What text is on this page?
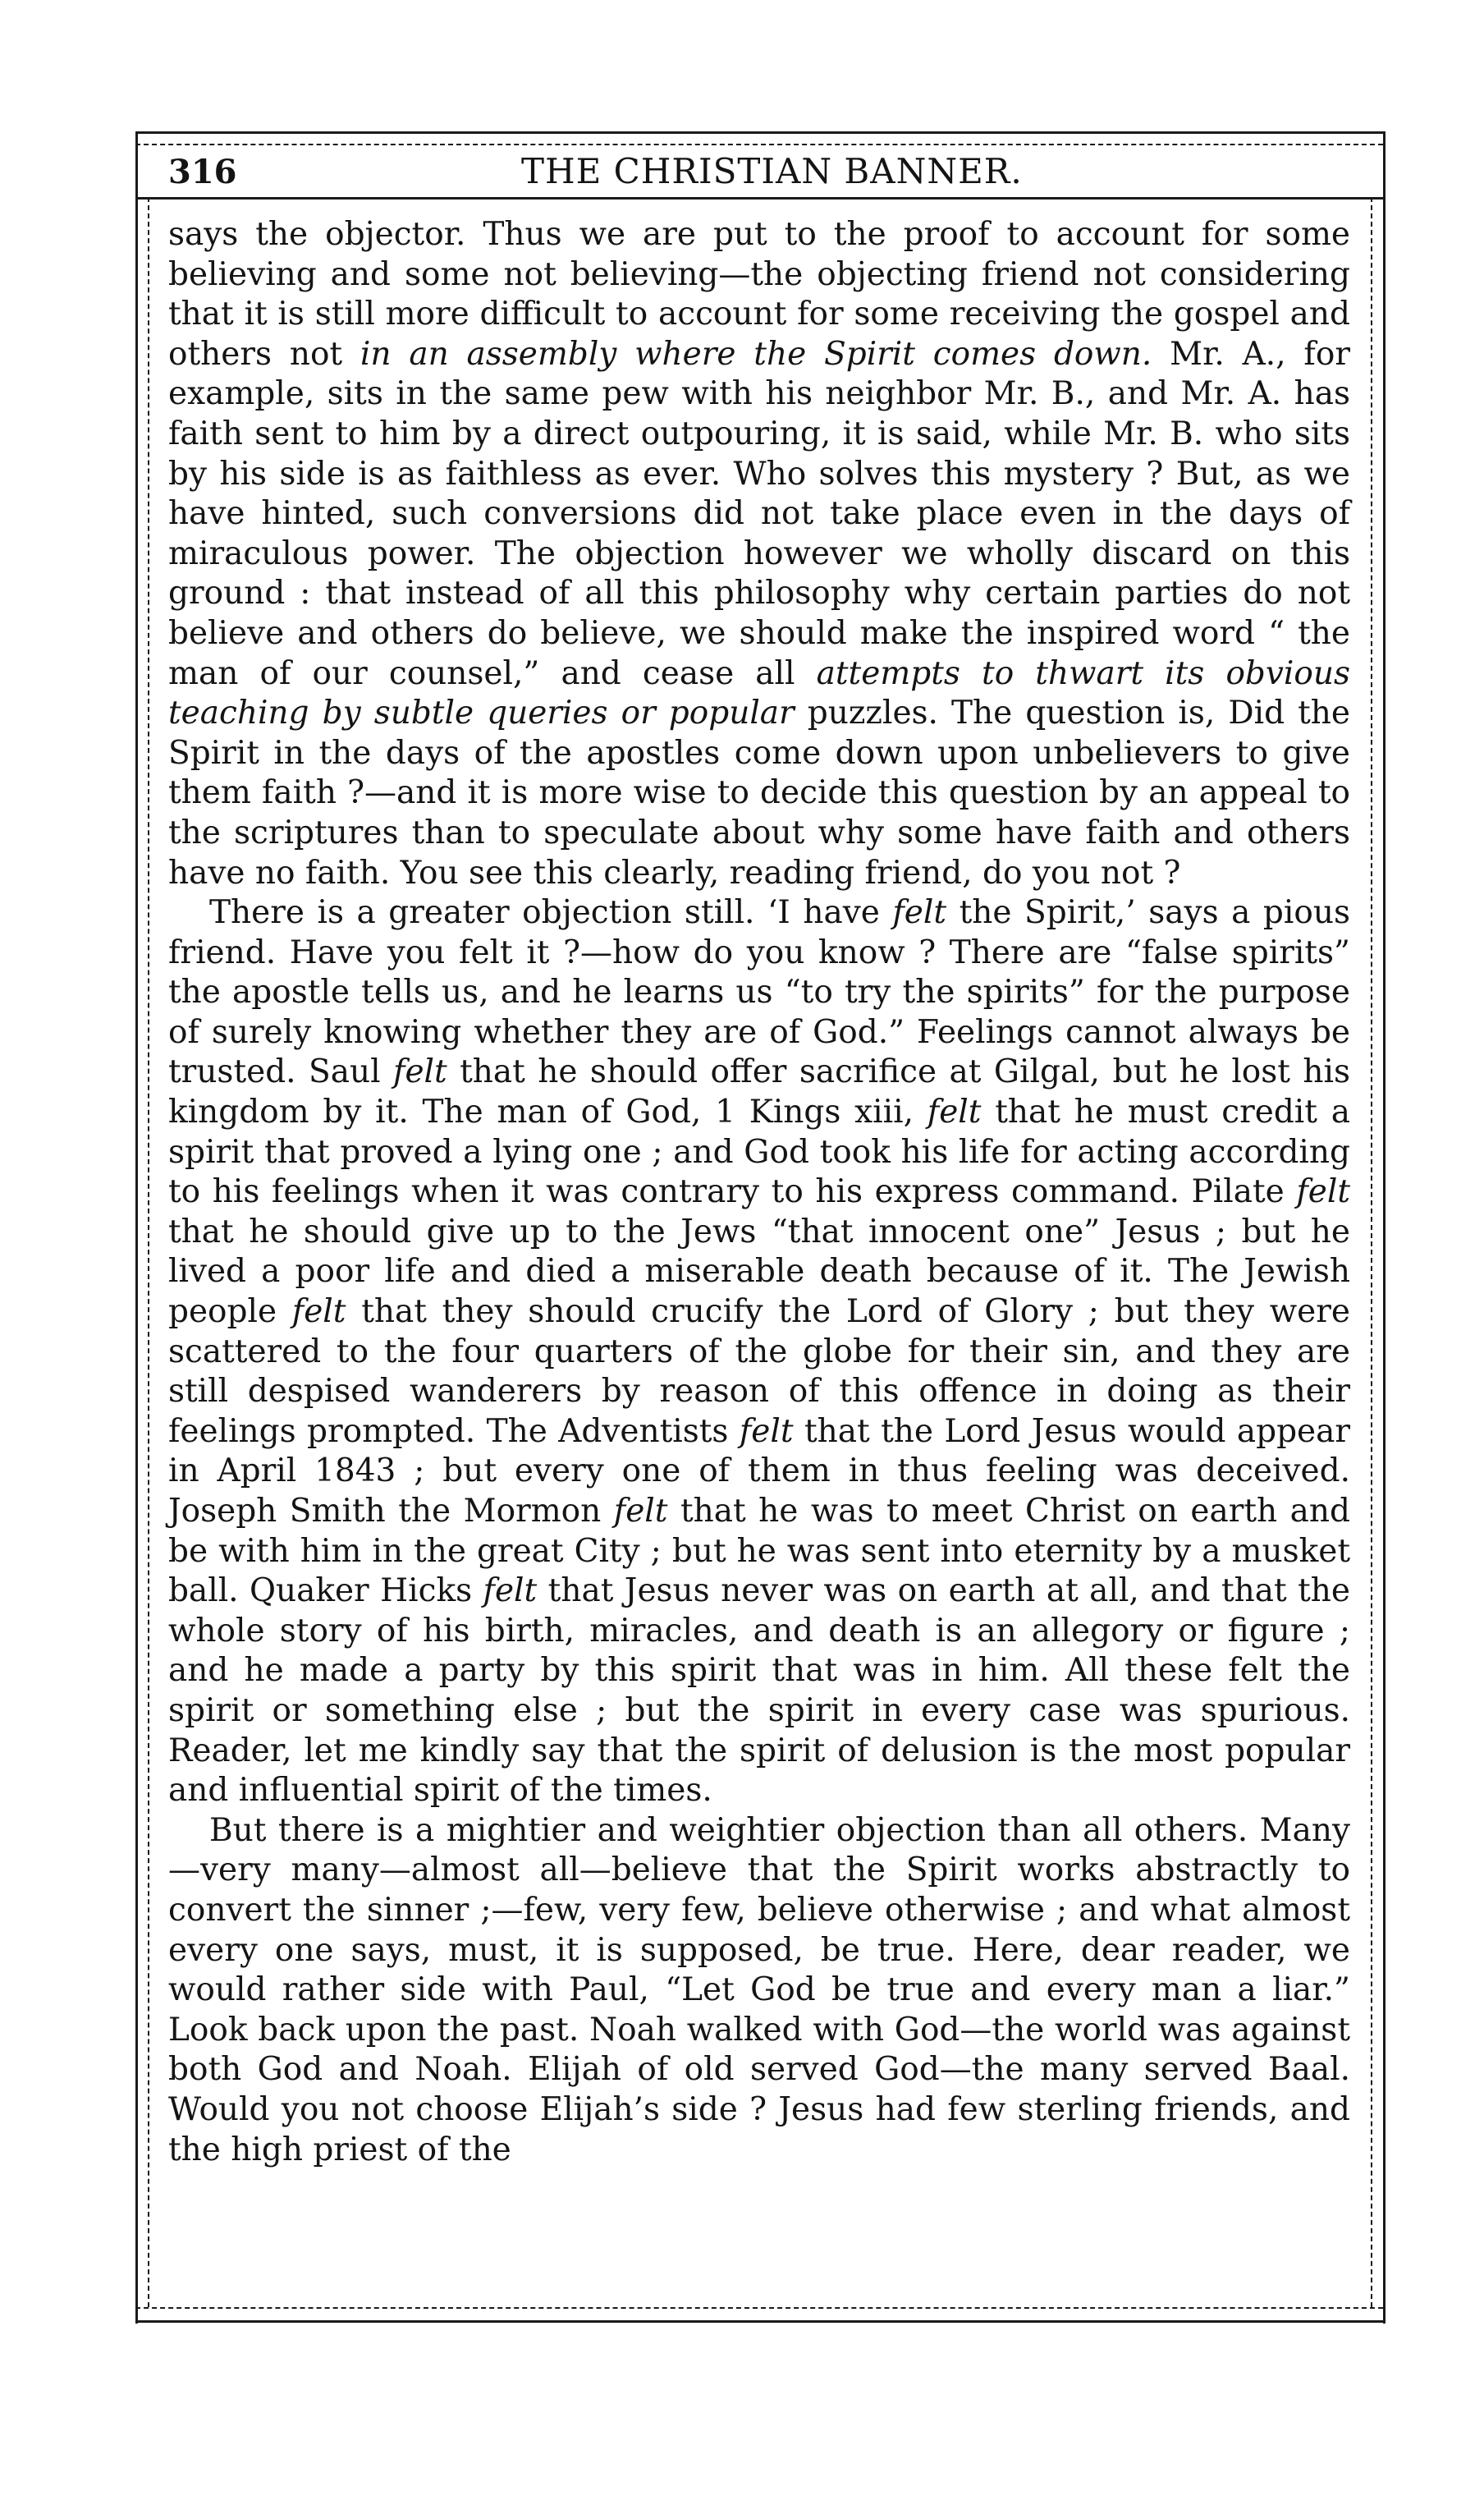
316	THE CHRISTIAN BANNER.

says the objector. Thus we are put to the proof to account for some believing and some not believing—the objecting friend not considering that it is still more difficult to account for some receiving the gospel and others not in an assembly where the Spirit comes down. Mr. A., for example, sits in the same pew with his neighbor Mr. B., and Mr. A. has faith sent to him by a direct outpouring, it is said, while Mr. B. who sits by his side is as faithless as ever. Who solves this mystery ? But, as we have hinted, such conversions did not take place even in the days of miraculous power. The objection however we wholly discard on this ground : that instead of all this philosophy why certain parties do not believe and others do believe, we should make the inspired word “ the man of our counsel,” and cease all attempts to thwart its obvious teaching by subtle queries or popular puzzles. The question is, Did the Spirit in the days of the apostles come down upon unbelievers to give them faith ?—and it is more wise to decide this question by an appeal to the scriptures than to speculate about why some have faith and others have no faith. You see this clearly, reading friend, do you not ?

There is a greater objection still. ‘I have felt the Spirit,’ says a pious friend. Have you felt it ?—how do you know ? There are “false spirits” the apostle tells us, and he learns us “to try the spirits” for the purpose of surely knowing whether they are of God.” Feelings cannot always be trusted. Saul felt that he should offer sacrifice at Gilgal, but he lost his kingdom by it. The man of God, 1 Kings xiii, felt that he must credit a spirit that proved a lying one ; and God took his life for acting according to his feelings when it was contrary to his express command. Pilate felt that he should give up to the Jews “that innocent one” Jesus ; but he lived a poor life and died a miserable death because of it. The Jewish people felt that they should crucify the Lord of Glory ; but they were scattered to the four quarters of the globe for their sin, and they are still despised wanderers by reason of this offence in doing as their feelings prompted. The Adventists felt that the Lord Jesus would appear in April 1843 ; but every one of them in thus feeling was deceived. Joseph Smith the Mormon felt that he was to meet Christ on earth and be with him in the great City ; but he was sent into eternity by a musket ball. Quaker Hicks felt that Jesus never was on earth at all, and that the whole story of his birth, miracles, and death is an allegory or figure ; and he made a party by this spirit that was in him. All these felt the spirit or something else ; but the spirit in every case was spurious. Reader, let me kindly say that the spirit of delusion is the most popular and influential spirit of the times.

But there is a mightier and weightier objection than all others. Many—very many—almost all—believe that the Spirit works abstractly to convert the sinner ;—few, very few, believe otherwise ; and what almost every one says, must, it is supposed, be true. Here, dear reader, we would rather side with Paul, “Let God be true and every man a liar.” Look back upon the past. Noah walked with God—the world was against both God and Noah. Elijah of old served God—the many served Baal. Would you not choose Elijah’s side ? Jesus had few sterling friends, and the high priest of the
